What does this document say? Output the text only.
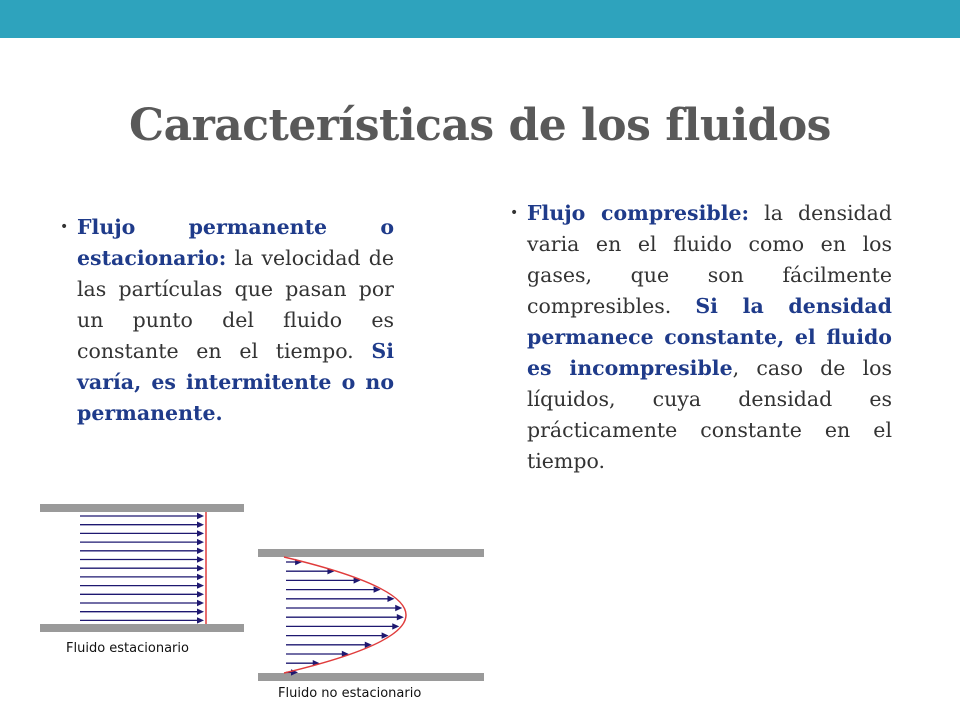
Características de los fluidos
• Flujo permanente o estacionario: la velocidad de las partículas que pasan por un punto del fluido es constante en el tiempo. Si varía, es intermitente o no permanente.
• Flujo compresible: la densidad varia en el fluido como en los gases, que son fácilmente compresibles. Si la densidad permanece constante, el fluido es incompresible, caso de los líquidos, cuya densidad es prácticamente constante en el tiempo.
Fluido estacionario
Fluido no estacionario
